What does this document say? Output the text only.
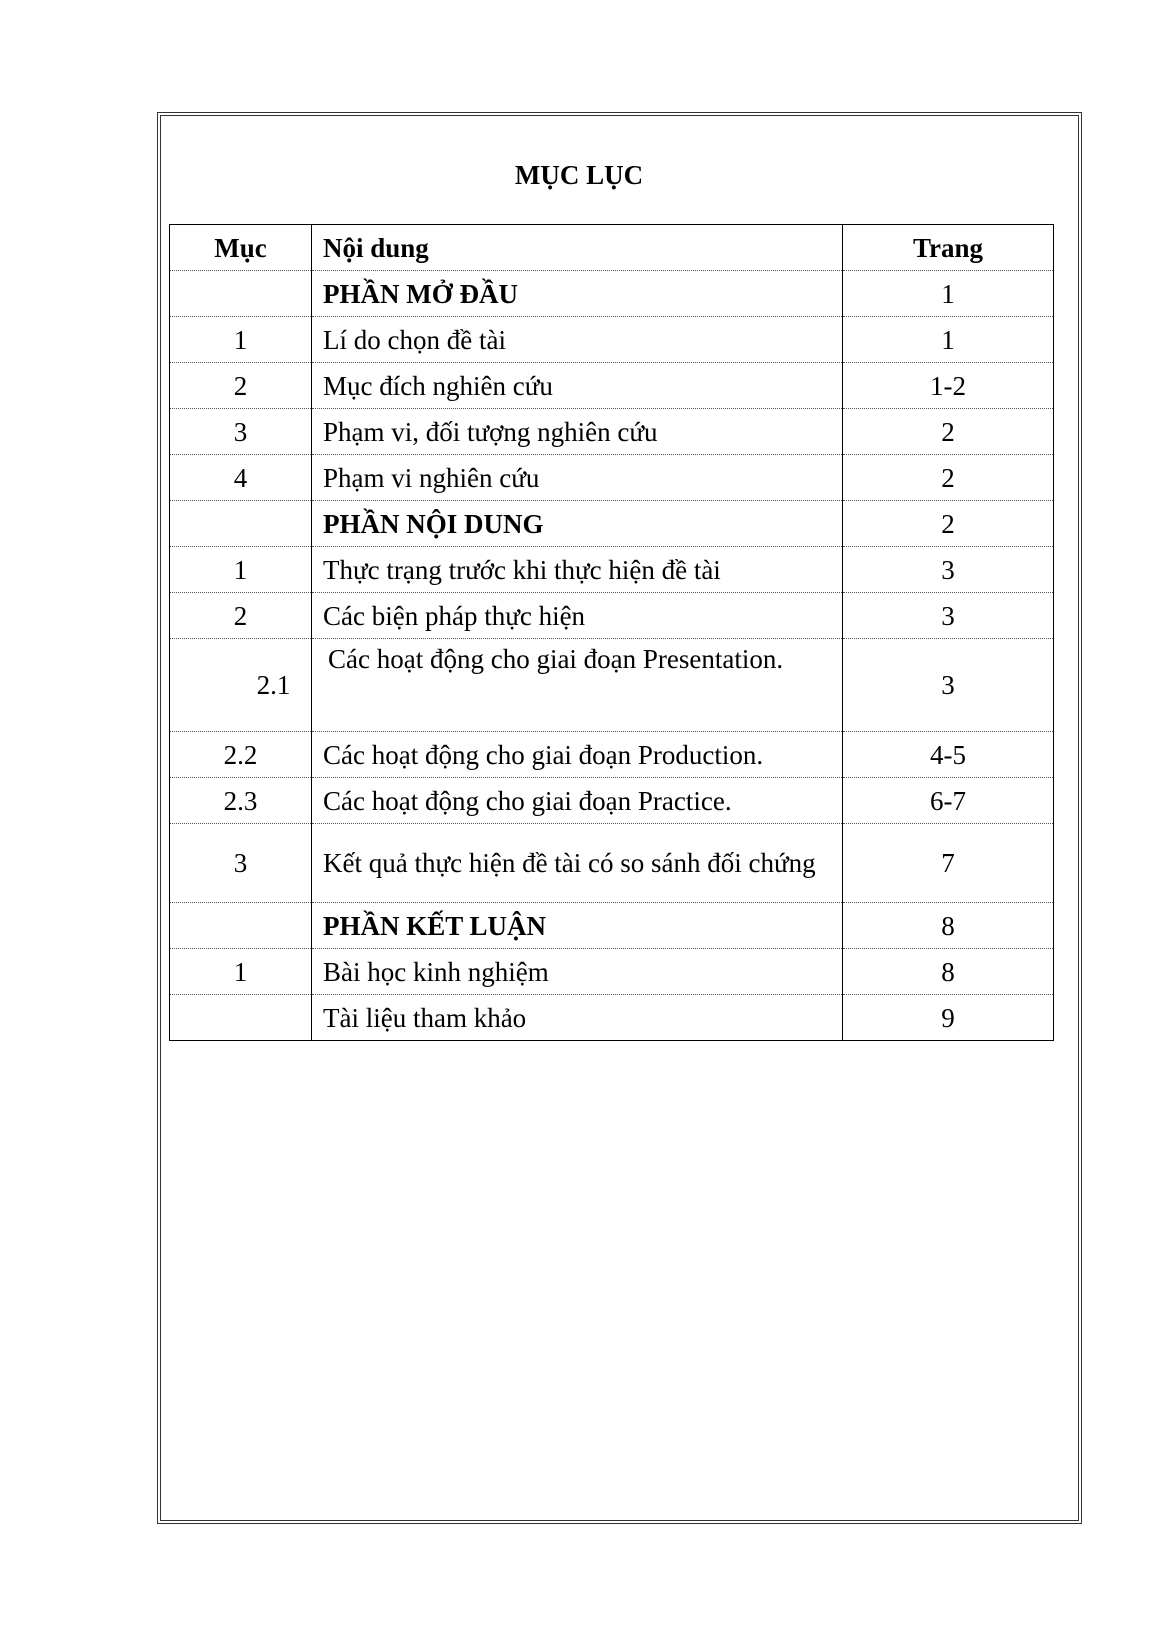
MỤC LỤC
Mục	Nội dung	Trang
	PHẦN MỞ ĐẦU	1
1	Lí do chọn đề tài	1
2	Mục đích nghiên cứu	1-2
3	Phạm vi, đối tượng nghiên cứu	2
4	Phạm vi nghiên cứu	2
	PHẦN NỘI DUNG	2
1	Thực trạng trước khi thực hiện đề tài	3
2	Các biện pháp thực hiện	3
2.1	Các hoạt động cho giai đoạn Presentation.	3
2.2	Các hoạt động cho giai đoạn Production.	4-5
2.3	Các hoạt động cho giai đoạn Practice.	6-7
3	Kết quả thực hiện đề tài có so sánh đối chứng	7
	PHẦN KẾT LUẬN	8
1	Bài học kinh nghiệm	8
	Tài liệu tham khảo	9
